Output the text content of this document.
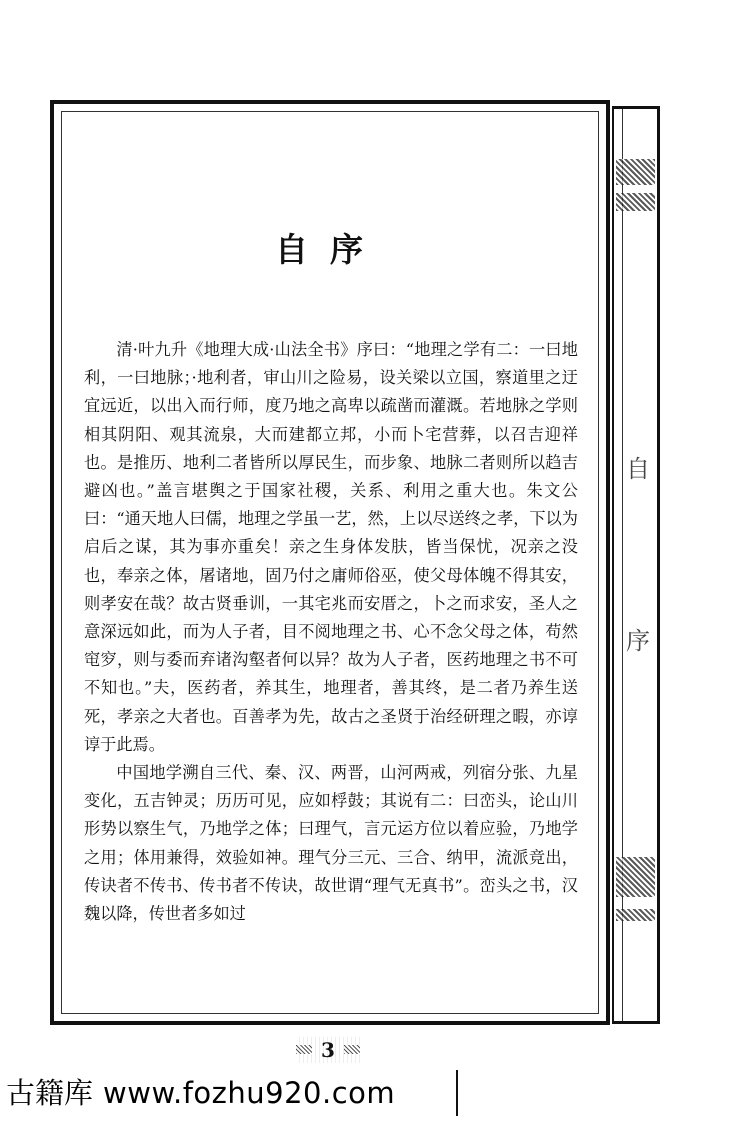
自序

清·叶九升《地理大成·山法全书》序曰：“地理之学有二：一曰地利，一曰地脉；·地利者，审山川之险易，设关梁以立国，察道里之迂宜远近，以出入而行师，度乃地之高卑以疏凿而灌溉。若地脉之学则相其阴阳、观其流泉，大而建都立邦，小而卜宅营葬，以召吉迎祥也。是推历、地利二者皆所以厚民生，而步象、地脉二者则所以趋吉避凶也。”盖言堪舆之于国家社稷，关系、利用之重大也。朱文公曰：“通天地人曰儒，地理之学虽一艺，然，上以尽送终之孝，下以为启后之谋，其为事亦重矣！亲之生身体发肤，皆当保忧，况亲之没也，奉亲之体，屠诸地，固乃付之庸师俗巫，使父母体魄不得其安，则孝安在哉？故古贤垂训，一其宅兆而安厝之，卜之而求安，圣人之意深远如此，而为人子者，目不阅地理之书、心不念父母之体，苟然窀穸，则与委而弃诸沟壑者何以异？故为人子者，医药地理之书不可不知也。”夫，医药者，养其生，地理者，善其终，是二者乃养生送死，孝亲之大者也。百善孝为先，故古之圣贤于治经研理之暇，亦谆谆于此焉。

中国地学溯自三代、秦、汉、两晋，山河两戒，列宿分张、九星变化，五吉钟灵；历历可见，应如桴鼓；其说有二：曰峦头，论山川形势以察生气，乃地学之体；曰理气，言元运方位以着应验，乃地学之用；体用兼得，效验如神。理气分三元、三合、纳甲，流派竞出，传诀者不传书、传书者不传诀，故世谓“理气无真书”。峦头之书，汉魏以降，传世者多如过

自
序
3
古籍库 www.fozhu920.com
